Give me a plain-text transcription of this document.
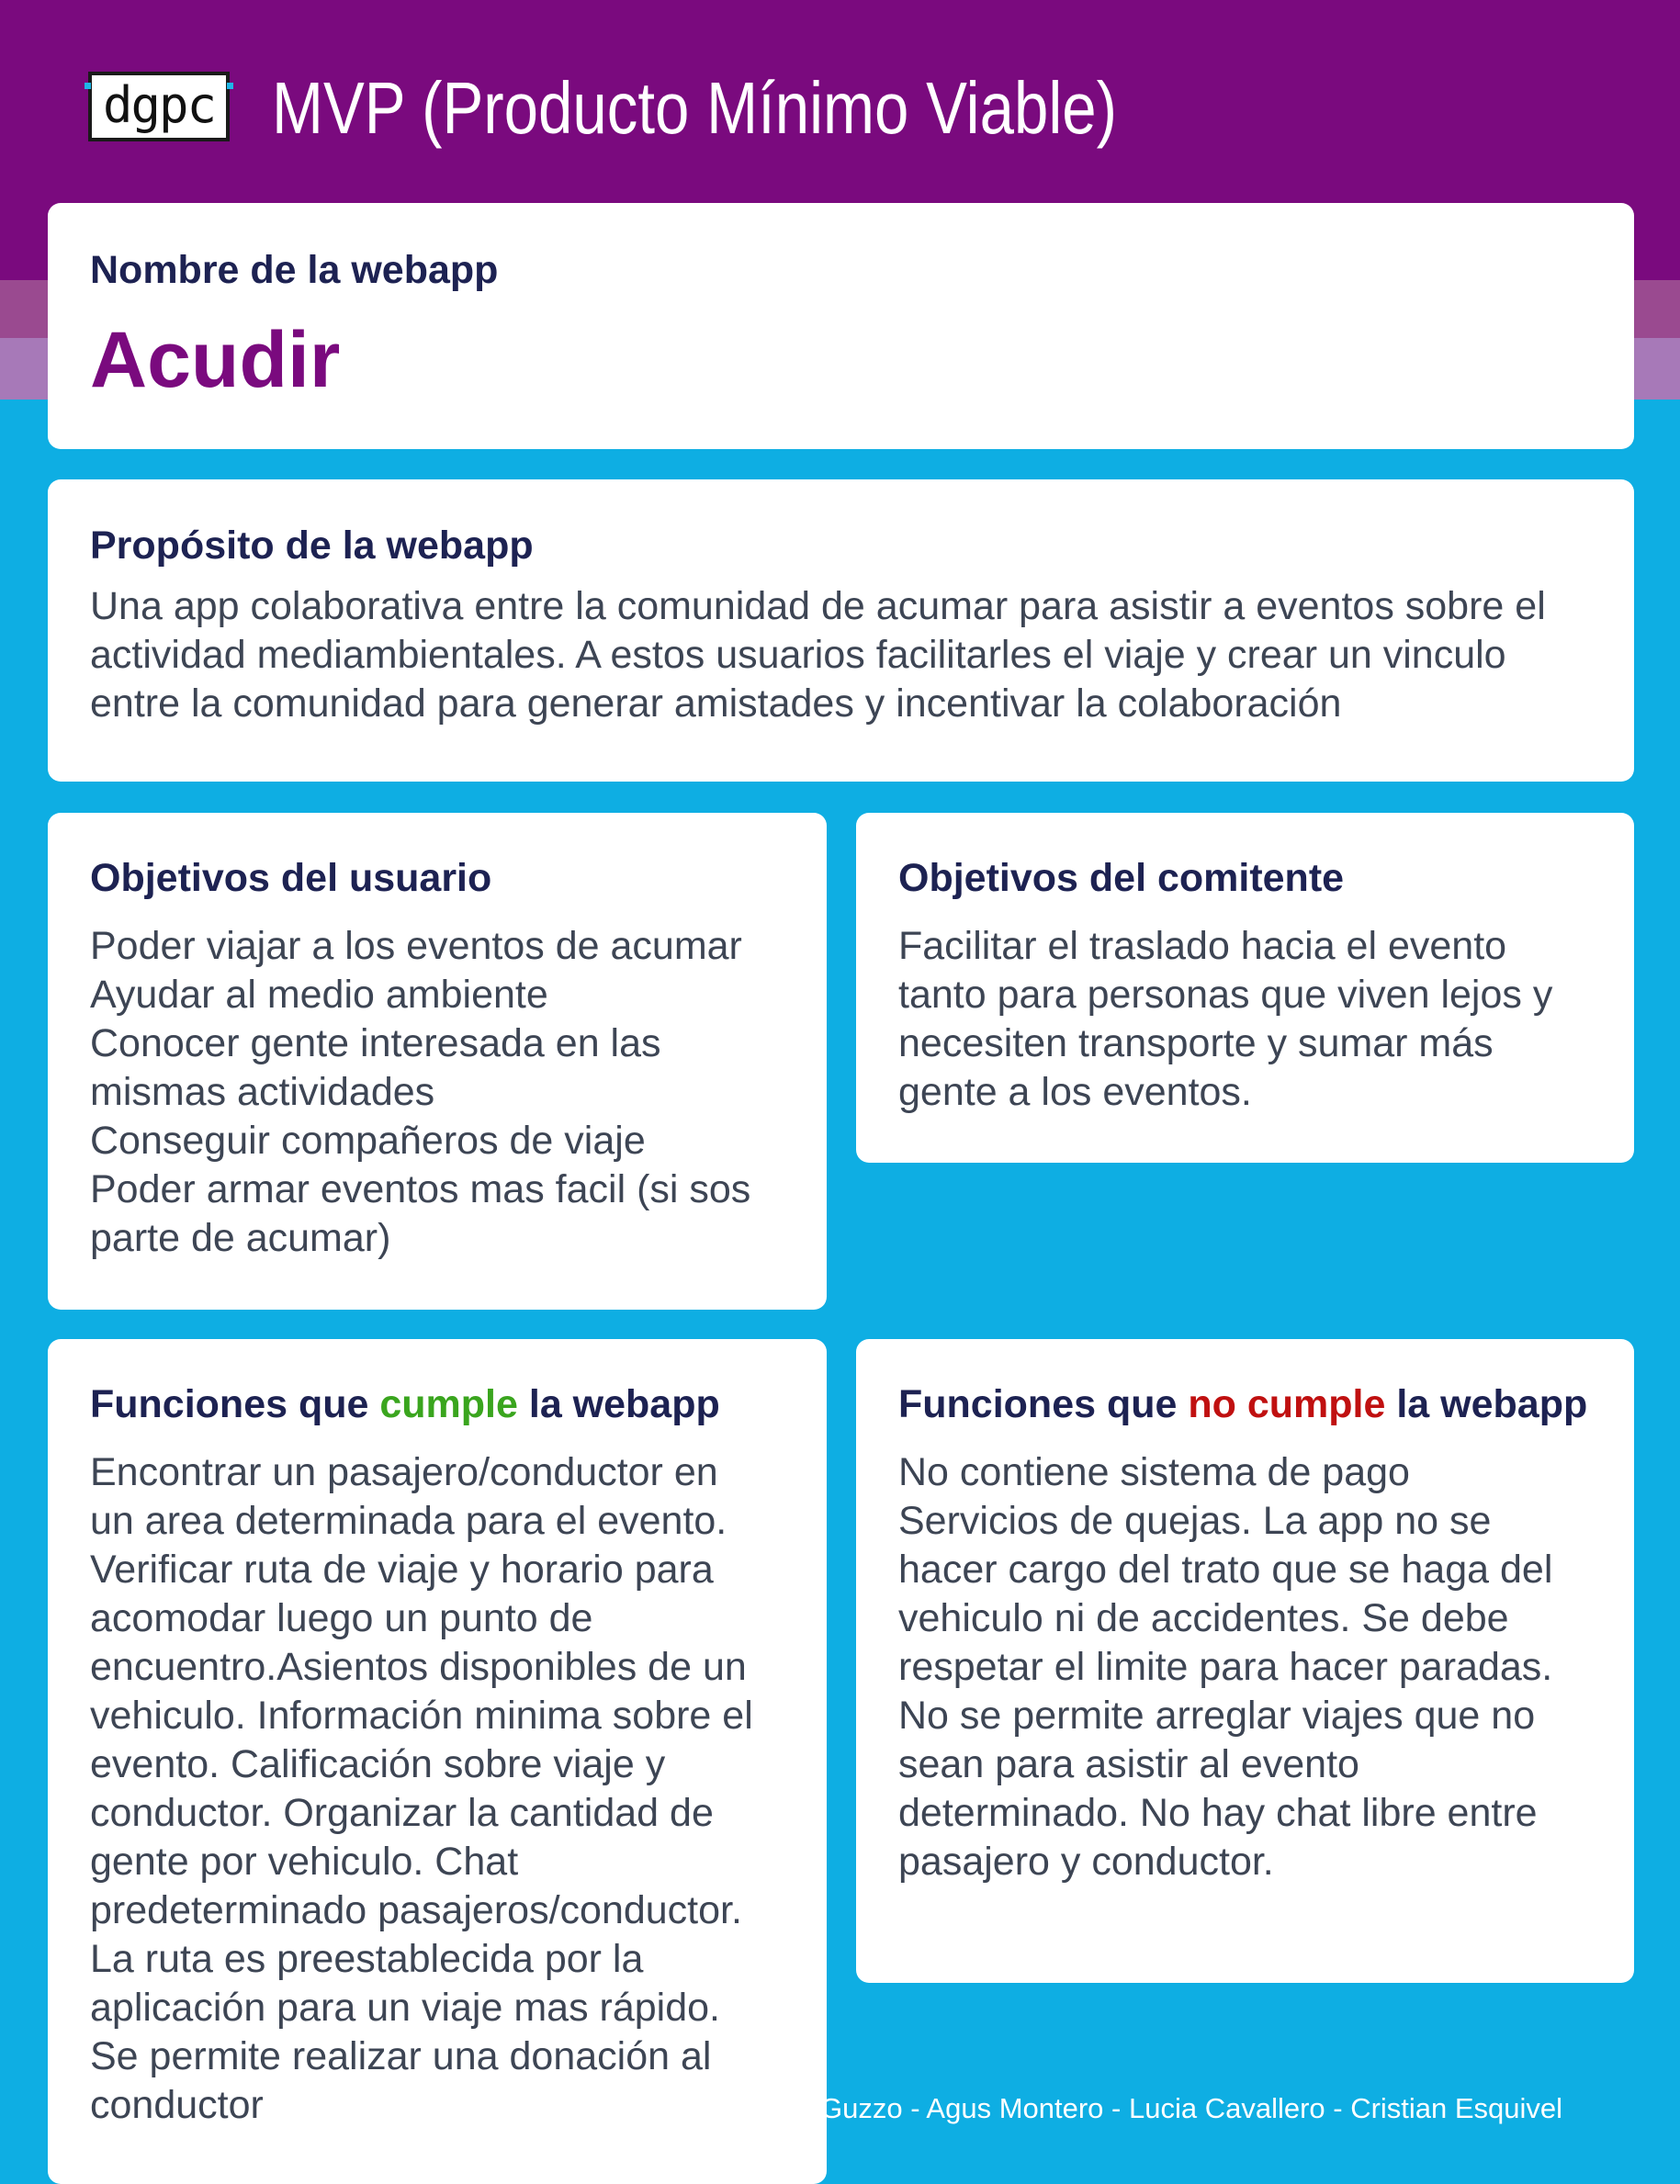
dgpc MVP (Producto Mínimo Viable)
Nombre de la webapp
Acudir
Propósito de la webapp
Una app colaborativa entre la comunidad de acumar para asistir a eventos sobre el
actividad mediambientales. A estos usuarios facilitarles el viaje y crear un vinculo
entre la comunidad para generar amistades y incentivar la colaboración
Objetivos del usuario
Poder viajar a los eventos de acumar
Ayudar al medio ambiente
Conocer gente interesada en las
mismas actividades
Conseguir compañeros de viaje
Poder armar eventos mas facil (si sos
parte de acumar)
Objetivos del comitente
Facilitar el traslado hacia el evento
tanto para personas que viven lejos y
necesiten transporte y sumar más
gente a los eventos.
Funciones que cumple la webapp
Encontrar un pasajero/conductor en
un area determinada para el evento.
Verificar ruta de viaje y horario para
acomodar luego un punto de
encuentro.Asientos disponibles de un
vehiculo. Información minima sobre el
evento. Calificación sobre viaje y
conductor. Organizar la cantidad de
gente por vehiculo. Chat
predeterminado pasajeros/conductor.
La ruta es preestablecida por la
aplicación para un viaje mas rápido.
Se permite realizar una donación al
conductor
Funciones que no cumple la webapp
No contiene sistema de pago
Servicios de quejas. La app no se
hacer cargo del trato que se haga del
vehiculo ni de accidentes. Se debe
respetar el limite para hacer paradas.
No se permite arreglar viajes que no
sean para asistir al evento
determinado. No hay chat libre entre
pasajero y conductor.
Guzzo - Agus Montero - Lucia Cavallero - Cristian Esquivel
